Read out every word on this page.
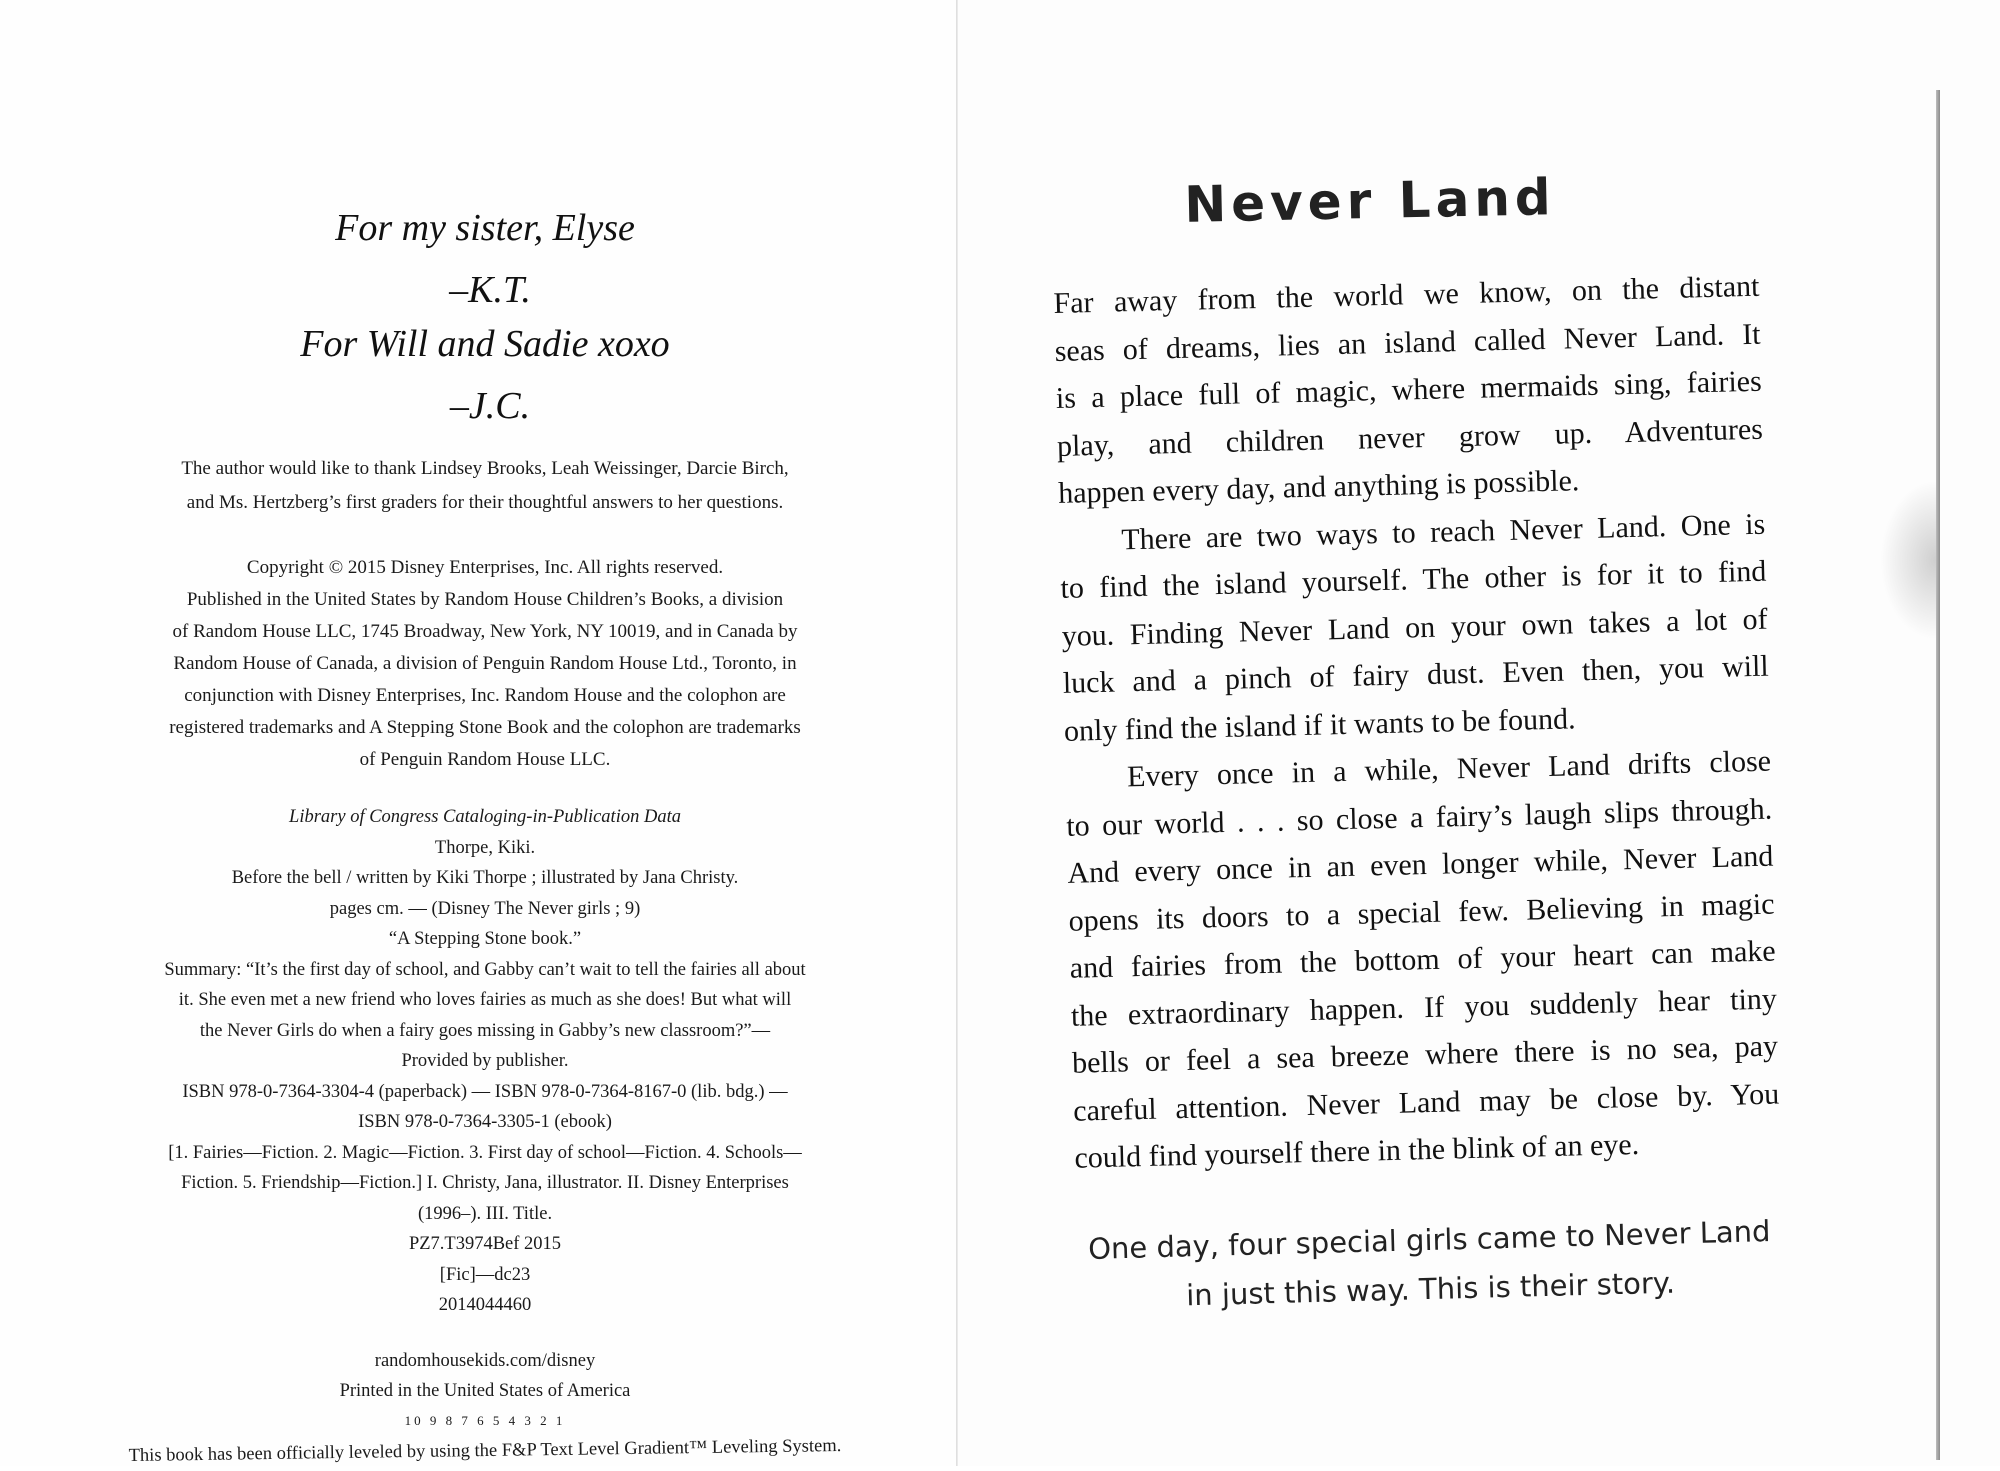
For my sister, Elyse
–K.T.
For Will and Sadie xoxo
–J.C.
The author would like to thank Lindsey Brooks, Leah Weissinger, Darcie Birch,
and Ms. Hertzberg’s first graders for their thoughtful answers to her questions.
Copyright © 2015 Disney Enterprises, Inc. All rights reserved.
Published in the United States by Random House Children’s Books, a division
of Random House LLC, 1745 Broadway, New York, NY 10019, and in Canada by
Random House of Canada, a division of Penguin Random House Ltd., Toronto, in
conjunction with Disney Enterprises, Inc. Random House and the colophon are
registered trademarks and A Stepping Stone Book and the colophon are trademarks
of Penguin Random House LLC.
Library of Congress Cataloging-in-Publication Data
Thorpe, Kiki.
Before the bell / written by Kiki Thorpe ; illustrated by Jana Christy.
pages cm. — (Disney The Never girls ; 9)
“A Stepping Stone book.”
Summary: “It’s the first day of school, and Gabby can’t wait to tell the fairies all about
it. She even met a new friend who loves fairies as much as she does! But what will
the Never Girls do when a fairy goes missing in Gabby’s new classroom?”—
Provided by publisher.
ISBN 978-0-7364-3304-4 (paperback) — ISBN 978-0-7364-8167-0 (lib. bdg.) —
ISBN 978-0-7364-3305-1 (ebook)
[1. Fairies—Fiction. 2. Magic—Fiction. 3. First day of school—Fiction. 4. Schools—
Fiction. 5. Friendship—Fiction.] I. Christy, Jana, illustrator. II. Disney Enterprises
(1996–). III. Title.
PZ7.T3974Bef 2015
[Fic]—dc23
2014044460
randomhousekids.com/disney
Printed in the United States of America
10 9 8 7 6 5 4 3 2 1
This book has been officially leveled by using the F&P Text Level Gradient™ Leveling System.
Never Land
Far away from the world we know, on the distant
seas of dreams, lies an island called Never Land. It
is a place full of magic, where mermaids sing, fairies
play, and children never grow up. Adventures
happen every day, and anything is possible.
There are two ways to reach Never Land. One is
to find the island yourself. The other is for it to find
you. Finding Never Land on your own takes a lot of
luck and a pinch of fairy dust. Even then, you will
only find the island if it wants to be found.
Every once in a while, Never Land drifts close
to our world . . . so close a fairy’s laugh slips through.
And every once in an even longer while, Never Land
opens its doors to a special few. Believing in magic
and fairies from the bottom of your heart can make
the extraordinary happen. If you suddenly hear tiny
bells or feel a sea breeze where there is no sea, pay
careful attention. Never Land may be close by. You
could find yourself there in the blink of an eye.
One day, four special girls came to Never Land
in just this way. This is their story.
